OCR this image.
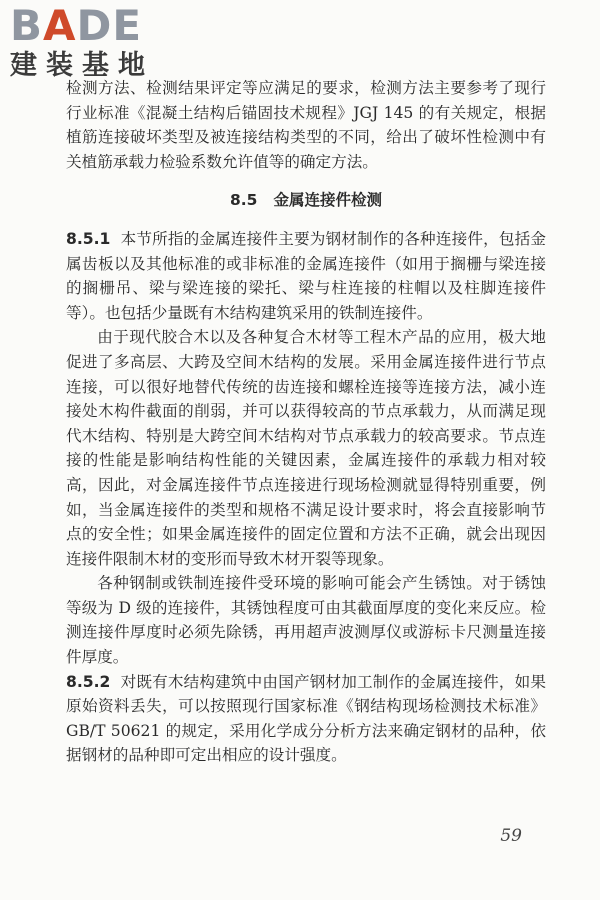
B A DE
建装基地

检测方法、检测结果评定等应满足的要求，检测方法主要参考了现行行业标准《混凝土结构后锚固技术规程》JGJ 145 的有关规定，根据植筋连接破坏类型及被连接结构类型的不同，给出了破坏性检测中有关植筋承载力检验系数允许值等的确定方法。

8.5 金属连接件检测

8.5.1 本节所指的金属连接件主要为钢材制作的各种连接件，包括金属齿板以及其他标准的或非标准的金属连接件（如用于搁栅与梁连接的搁栅吊、梁与梁连接的梁托、梁与柱连接的柱帽以及柱脚连接件等）。也包括少量既有木结构建筑采用的铁制连接件。

由于现代胶合木以及各种复合木材等工程木产品的应用，极大地促进了多高层、大跨及空间木结构的发展。采用金属连接件进行节点连接，可以很好地替代传统的齿连接和螺栓连接等连接方法，减小连接处木构件截面的削弱，并可以获得较高的节点承载力，从而满足现代木结构、特别是大跨空间木结构对节点承载力的较高要求。节点连接的性能是影响结构性能的关键因素，金属连接件的承载力相对较高，因此，对金属连接件节点连接进行现场检测就显得特别重要，例如，当金属连接件的类型和规格不满足设计要求时，将会直接影响节点的安全性；如果金属连接件的固定位置和方法不正确，就会出现因连接件限制木材的变形而导致木材开裂等现象。

各种钢制或铁制连接件受环境的影响可能会产生锈蚀。对于锈蚀等级为 D 级的连接件，其锈蚀程度可由其截面厚度的变化来反应。检测连接件厚度时必须先除锈，再用超声波测厚仪或游标卡尺测量连接件厚度。

8.5.2 对既有木结构建筑中由国产钢材加工制作的金属连接件，如果原始资料丢失，可以按照现行国家标准《钢结构现场检测技术标准》GB/T 50621 的规定，采用化学成分分析方法来确定钢材的品种，依据钢材的品种即可定出相应的设计强度。

59
